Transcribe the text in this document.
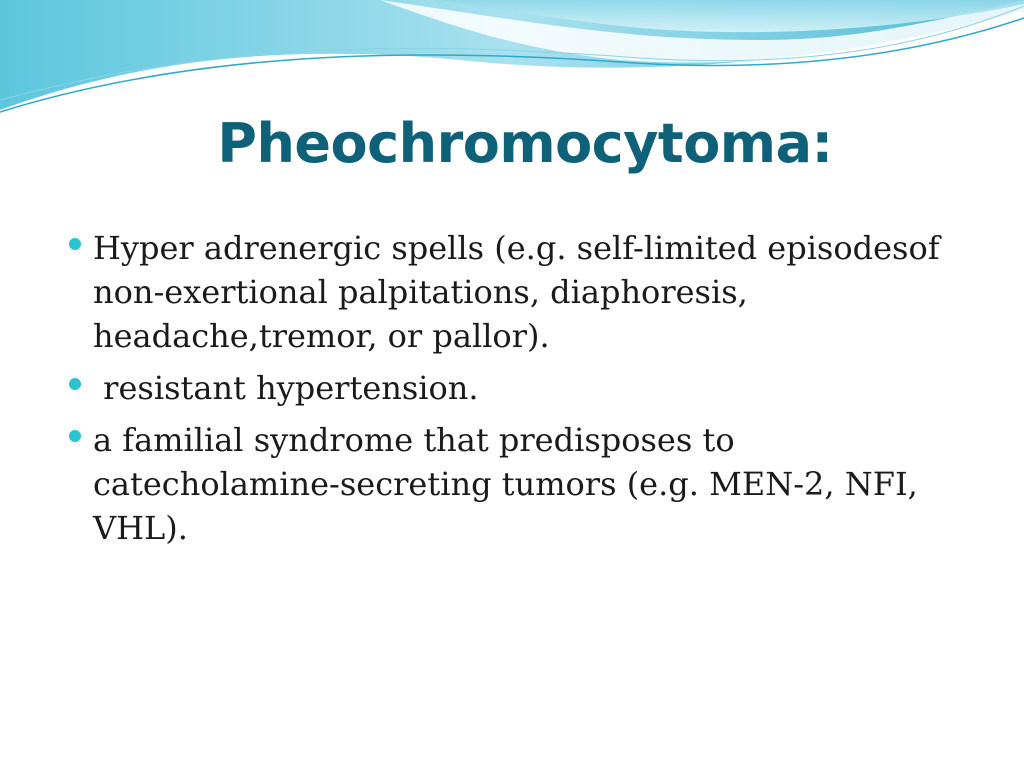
Pheochromocytoma:
Hyper adrenergic spells (e.g. self-limited episodesof non-exertional palpitations, diaphoresis, headache,tremor, or pallor).
resistant hypertension.
a familial syndrome that predisposes to catecholamine-secreting tumors (e.g. MEN-2, NFI, VHL).
